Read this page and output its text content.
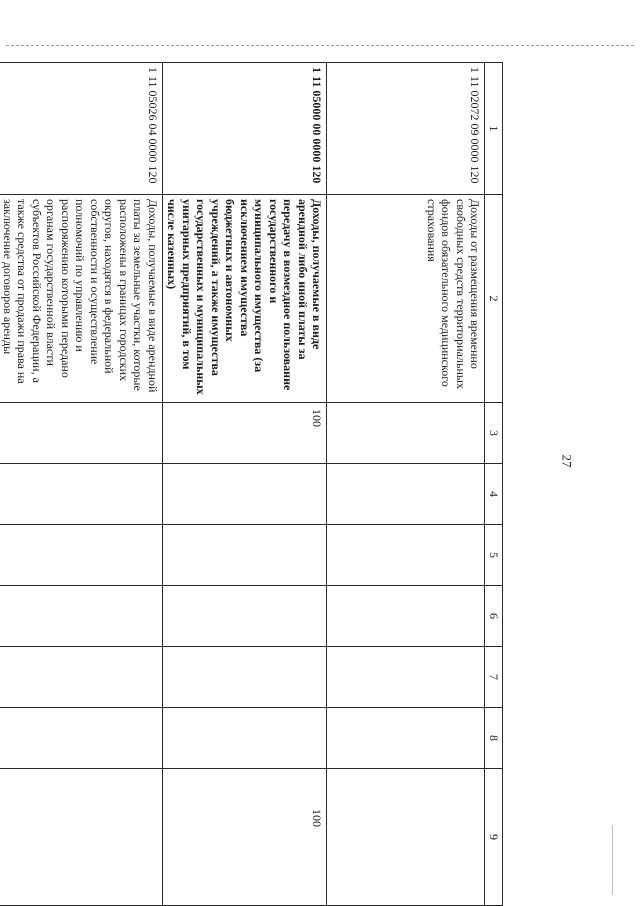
27
1	2	3	4	5	6	7	8	9
1 11 02072 09 0000 120	Доходы от размещения временно свободных средств территориальных фондов обязательного медицинского страхования							
1 11 05000 00 0000 120	Доходы, получаемые в виде арендной либо иной платы за передачу в возмездное пользование государственного и муниципального имущества (за исключением имущества бюджетных и автономных учреждений, а также имущества государственных и муниципальных унитарных предприятий, в том числе казенных)	100						100
1 11 05026 04 0000 120	Доходы, получаемые в виде арендной платы за земельные участки, которые расположены в границах городских округов, находятся в федеральной собственности и осуществление полномочий по управлению и распоряжению которыми передано органам государственной власти субъектов Российской Федерации, а также средства от продажи права на заключение договоров аренды							
